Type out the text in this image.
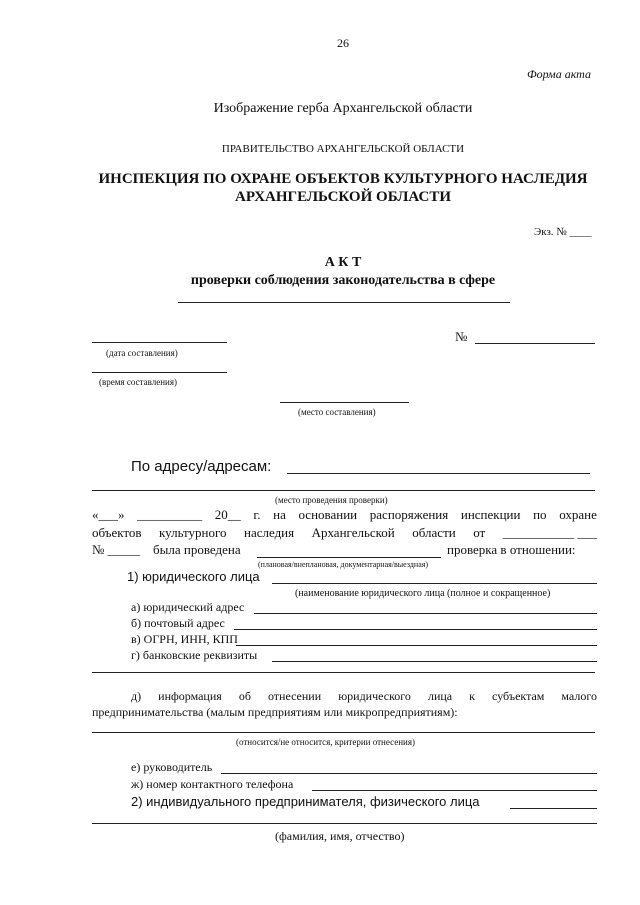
26
Форма акта
Изображение герба Архангельской области
ПРАВИТЕЛЬСТВО АРХАНГЕЛЬСКОЙ ОБЛАСТИ
ИНСПЕКЦИЯ ПО ОХРАНЕ ОБЪЕКТОВ КУЛЬТУРНОГО НАСЛЕДИЯ
АРХАНГЕЛЬСКОЙ ОБЛАСТИ
Экз. № ____
А К Т
проверки соблюдения законодательства в сфере
№
(дата составления)
(время составления)
(место составления)
По адресу/адресам:
(место проведения проверки)
«___» __________ 20__ г. на основании распоряжения инспекции по охране
объектов культурного наследия Архангельской области от ___________ ___
№ _____ была проведена	проверка в отношении:
(плановая/внеплановая, документарная/выездная)
1) юридического лица
(наименование юридического лица (полное и сокращенное)
а) юридический адрес
б) почтовый адрес
в) ОГРН, ИНН, КПП
г) банковские реквизиты
д) информация об отнесении юридического лица к субъектам малого
предпринимательства (малым предприятиям или микропредприятиям):
(относится/не относится, критерии отнесения)
е) руководитель
ж) номер контактного телефона
2) индивидуального предпринимателя, физического лица
(фамилия, имя, отчество)
